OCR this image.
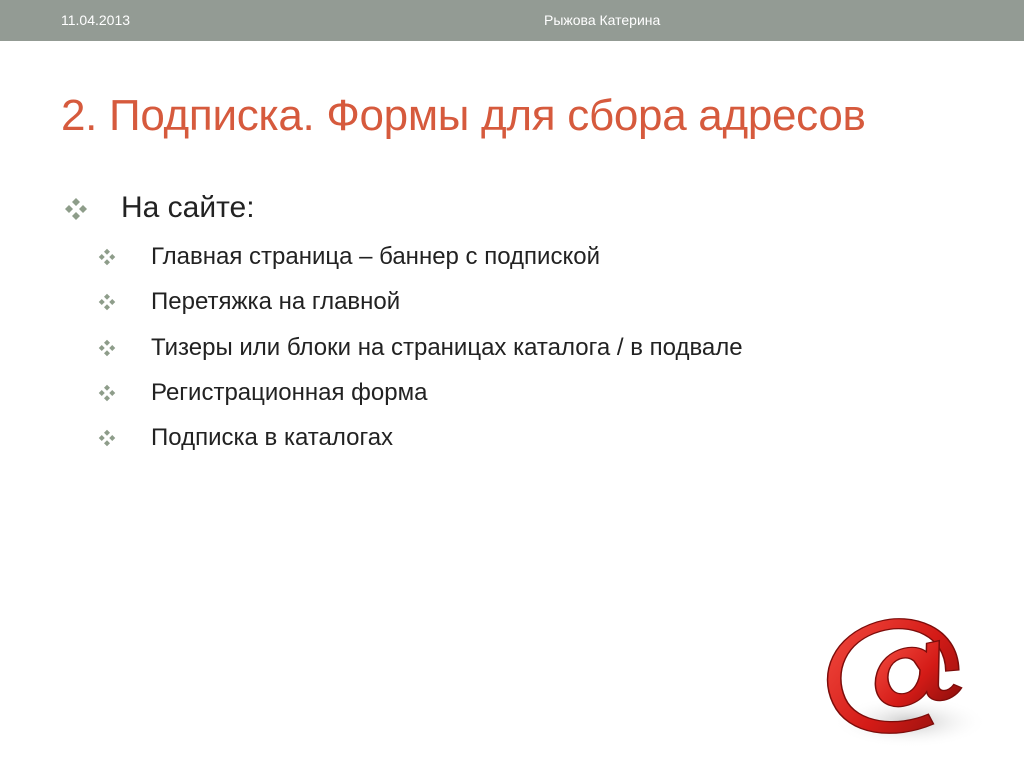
11.04.2013	Рыжова Катерина
2. Подписка. Формы для сбора адресов
На сайте:
Главная страница – баннер с подпиской
Перетяжка на главной
Тизеры или блоки на страницах каталога / в подвале
Регистрационная форма
Подписка в каталогах
